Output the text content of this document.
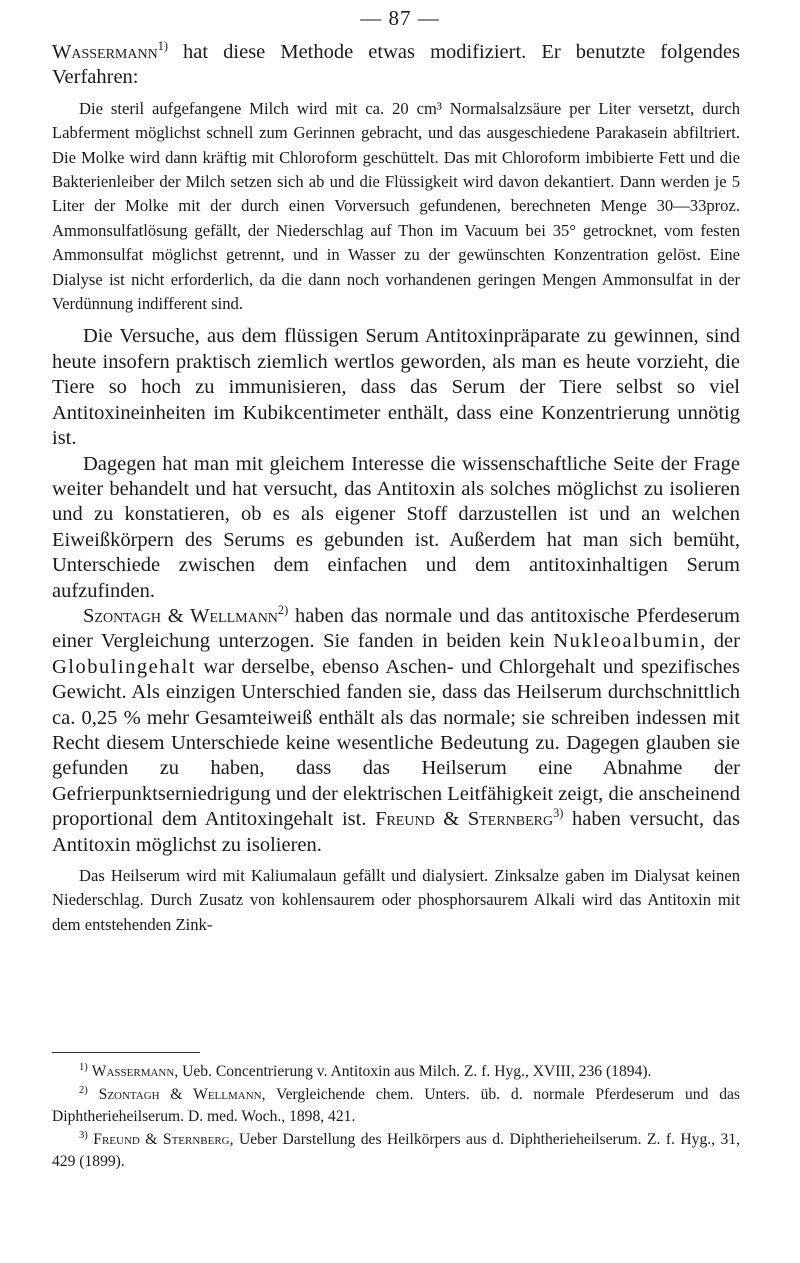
— 87 —

Wassermann$^{1)}$ hat diese Methode etwas modifiziert. Er benutzte folgendes Verfahren:

Die steril aufgefangene Milch wird mit ca. 20 cm³ Normalsalzsäure per Liter versetzt, durch Labferment möglichst schnell zum Gerinnen gebracht, und das ausgeschiedene Parakasein abfiltriert. Die Molke wird dann kräftig mit Chloroform geschüttelt. Das mit Chloroform imbibierte Fett und die Bakterienleiber der Milch setzen sich ab und die Flüssigkeit wird davon dekantiert. Dann werden je 5 Liter der Molke mit der durch einen Vorversuch gefundenen, berechneten Menge 30—33proz. Ammonsulfatlösung gefällt, der Niederschlag auf Thon im Vacuum bei 35° getrocknet, vom festen Ammonsulfat möglichst getrennt, und in Wasser zu der gewünschten Konzentration gelöst. Eine Dialyse ist nicht erforderlich, da die dann noch vorhandenen geringen Mengen Ammonsulfat in der Verdünnung indifferent sind.

Die Versuche, aus dem flüssigen Serum Antitoxinpräparate zu gewinnen, sind heute insofern praktisch ziemlich wertlos geworden, als man es heute vorzieht, die Tiere so hoch zu immunisieren, dass das Serum der Tiere selbst so viel Antitoxineinheiten im Kubikcentimeter enthält, dass eine Konzentrierung unnötig ist.

Dagegen hat man mit gleichem Interesse die wissenschaftliche Seite der Frage weiter behandelt und hat versucht, das Antitoxin als solches möglichst zu isolieren und zu konstatieren, ob es als eigener Stoff darzustellen ist und an welchen Eiweißkörpern des Serums es gebunden ist. Außerdem hat man sich bemüht, Unterschiede zwischen dem einfachen und dem antitoxinhaltigen Serum aufzufinden.

Szontagh & Wellmann$^{2)}$ haben das normale und das antitoxische Pferdeserum einer Vergleichung unterzogen. Sie fanden in beiden kein Nukleoalbumin, der Globulingehalt war derselbe, ebenso Aschen- und Chlorgehalt und spezifisches Gewicht. Als einzigen Unterschied fanden sie, dass das Heilserum durchschnittlich ca. 0,25 % mehr Gesamteiweiß enthält als das normale; sie schreiben indessen mit Recht diesem Unterschiede keine wesentliche Bedeutung zu. Dagegen glauben sie gefunden zu haben, dass das Heilserum eine Abnahme der Gefrierpunktserniedrigung und der elektrischen Leitfähigkeit zeigt, die anscheinend proportional dem Antitoxingehalt ist. Freund & Sternberg$^{3)}$ haben versucht, das Antitoxin möglichst zu isolieren.

Das Heilserum wird mit Kaliumalaun gefällt und dialysiert. Zinksalze gaben im Dialysat keinen Niederschlag. Durch Zusatz von kohlensaurem oder phosphorsaurem Alkali wird das Antitoxin mit dem entstehenden Zink-

$^{1)}$ Wassermann, Ueb. Concentrierung v. Antitoxin aus Milch. Z. f. Hyg., XVIII, 236 (1894).

$^{2)}$ Szontagh & Wellmann, Vergleichende chem. Unters. üb. d. normale Pferdeserum und das Diphtherieheilserum. D. med. Woch., 1898, 421.

$^{3)}$ Freund & Sternberg, Ueber Darstellung des Heilkörpers aus d. Diphtherieheilserum. Z. f. Hyg., 31, 429 (1899).
